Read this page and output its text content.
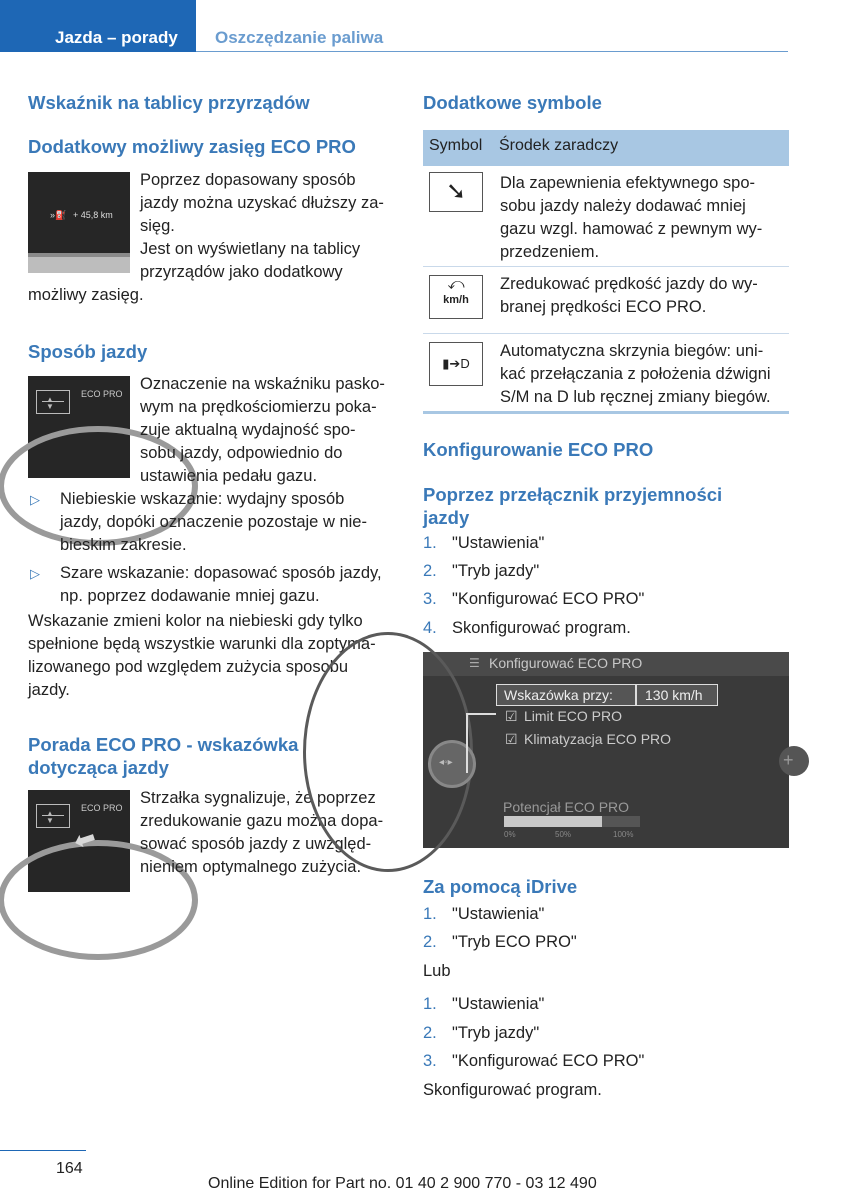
Jazda – porady Oszczędzanie paliwa
Wskaźnik na tablicy przyrządów
Dodatkowy możliwy zasięg ECO PRO
»⛽ + 45,8 km
Poprzez dopasowany sposób
jazdy można uzyskać dłuższy za-
sięg.
Jest on wyświetlany na tablicy
przyrządów jako dodatkowy
możliwy zasięg.
Sposób jazdy
▲
▼
ECO PRO
Oznaczenie na wskaźniku pasko-
wym na prędkościomierzu poka-
zuje aktualną wydajność spo-
sobu jazdy, odpowiednio do
ustawienia pedału gazu.
▷ Niebieskie wskazanie: wydajny sposób
jazdy, dopóki oznaczenie pozostaje w nie-
bieskim zakresie.
▷ Szare wskazanie: dopasować sposób jazdy,
np. poprzez dodawanie mniej gazu.
Wskazanie zmieni kolor na niebieski gdy tylko
spełnione będą wszystkie warunki dla zoptyma-
lizowanego pod względem zużycia sposobu
jazdy.
Porada ECO PRO - wskazówka
dotycząca jazdy
▲
▼
ECO PRO
⬅
Strzałka sygnalizuje, że poprzez
zredukowanie gazu można dopa-
sować sposób jazdy z uwzględ-
nieniem optymalnego zużycia.
Dodatkowe symbole
Symbol Środek zaradczy
➘	Dla zapewnienia efektywnego spo-
sobu jazdy należy dodawać mniej
gazu wzgl. hamować z pewnym wy-
przedzeniem.
⤺
km/h
Zredukować prędkość jazdy do wy-
branej prędkości ECO PRO.
▮➔D
Automatyczna skrzynia biegów: uni-
kać przełączania z położenia dźwigni
S/M na D lub ręcznej zmiany biegów.
Konfigurowanie ECO PRO
Poprzez przełącznik przyjemności
jazdy
1. "Ustawienia"
2. "Tryb jazdy"
3. "Konfigurować ECO PRO"
4. Skonfigurować program.
☰ Konfigurować ECO PRO
◂◦▸	+
Wskazówka przy: 130 km/h
☑ Limit ECO PRO
☑ Klimatyzacja ECO PRO
Potencjał ECO PRO
0%	50%	100%
Za pomocą iDrive
1. "Ustawienia"
2. "Tryb ECO PRO"
Lub
1. "Ustawienia"
2. "Tryb jazdy"
3. "Konfigurować ECO PRO"
Skonfigurować program.
164
Online Edition for Part no. 01 40 2 900 770 - 03 12 490
